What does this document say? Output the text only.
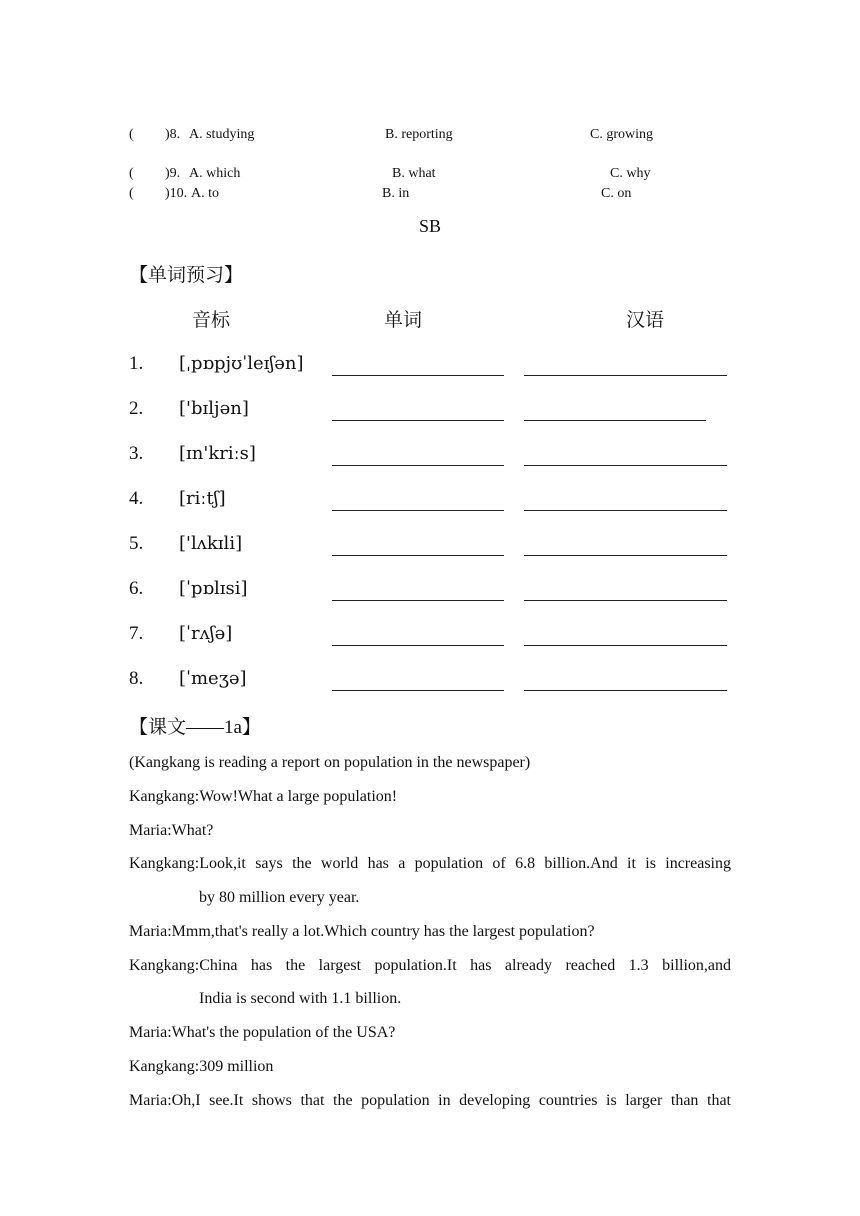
( )8. A. studying	B. reporting	C. growing
( )9. A. which	B. what	C. why
( )10. A. to	B. in	C. on
SB
【单词预习】
音标	单词	汉语
1. [ˌpɒpjʊˈleɪʃən]
2. ['bɪljən]
3. [ɪn'kriːs]
4. [riːtʃ]
5. ['lʌkɪli]
6. [ˈpɒlɪsi]
7. [ˈrʌʃə]
8. [ˈmeʒə]
【课文——1a】
(Kangkang is reading a report on population in the newspaper)
Kangkang:Wow!What a large population!
Maria:What?
Kangkang:Look,it says the world has a population of 6.8 billion.And it is increasing
by 80 million every year.
Maria:Mmm,that's really a lot.Which country has the largest population?
Kangkang:China has the largest population.It has already reached 1.3 billion,and
India is second with 1.1 billion.
Maria:What's the population of the USA?
Kangkang:309 million
Maria:Oh,I see.It shows that the population in developing countries is larger than that
